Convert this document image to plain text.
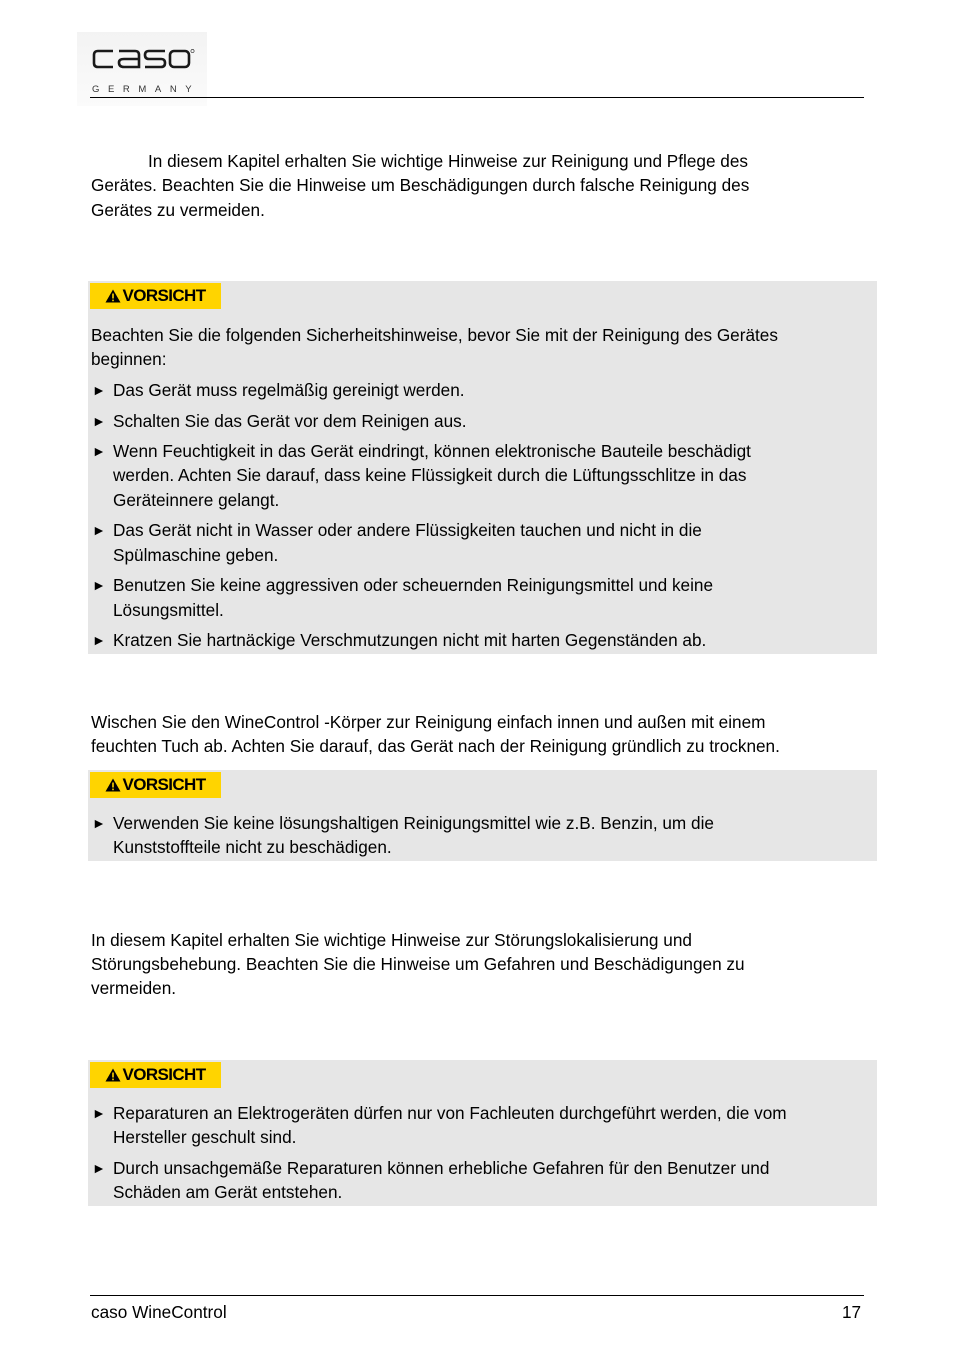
GERMANY
In diesem Kapitel erhalten Sie wichtige Hinweise zur Reinigung und Pflege des
Gerätes. Beachten Sie die Hinweise um Beschädigungen durch falsche Reinigung des
Gerätes zu vermeiden.
VORSICHT
Beachten Sie die folgenden Sicherheitshinweise, bevor Sie mit der Reinigung des Gerätes
beginnen:
► Das Gerät muss regelmäßig gereinigt werden.
► Schalten Sie das Gerät vor dem Reinigen aus.
► Wenn Feuchtigkeit in das Gerät eindringt, können elektronische Bauteile beschädigt
werden. Achten Sie darauf, dass keine Flüssigkeit durch die Lüftungsschlitze in das
Geräteinnere gelangt.
► Das Gerät nicht in Wasser oder andere Flüssigkeiten tauchen und nicht in die
Spülmaschine geben.
► Benutzen Sie keine aggressiven oder scheuernden Reinigungsmittel und keine
Lösungsmittel.
► Kratzen Sie hartnäckige Verschmutzungen nicht mit harten Gegenständen ab.
Wischen Sie den WineControl -Körper zur Reinigung einfach innen und außen mit einem
feuchten Tuch ab. Achten Sie darauf, das Gerät nach der Reinigung gründlich zu trocknen.
VORSICHT
► Verwenden Sie keine lösungshaltigen Reinigungsmittel wie z.B. Benzin, um die
Kunststoffteile nicht zu beschädigen.
In diesem Kapitel erhalten Sie wichtige Hinweise zur Störungslokalisierung und
Störungsbehebung. Beachten Sie die Hinweise um Gefahren und Beschädigungen zu
vermeiden.
VORSICHT
► Reparaturen an Elektrogeräten dürfen nur von Fachleuten durchgeführt werden, die vom
Hersteller geschult sind.
► Durch unsachgemäße Reparaturen können erhebliche Gefahren für den Benutzer und
Schäden am Gerät entstehen.
caso WineControl	17
